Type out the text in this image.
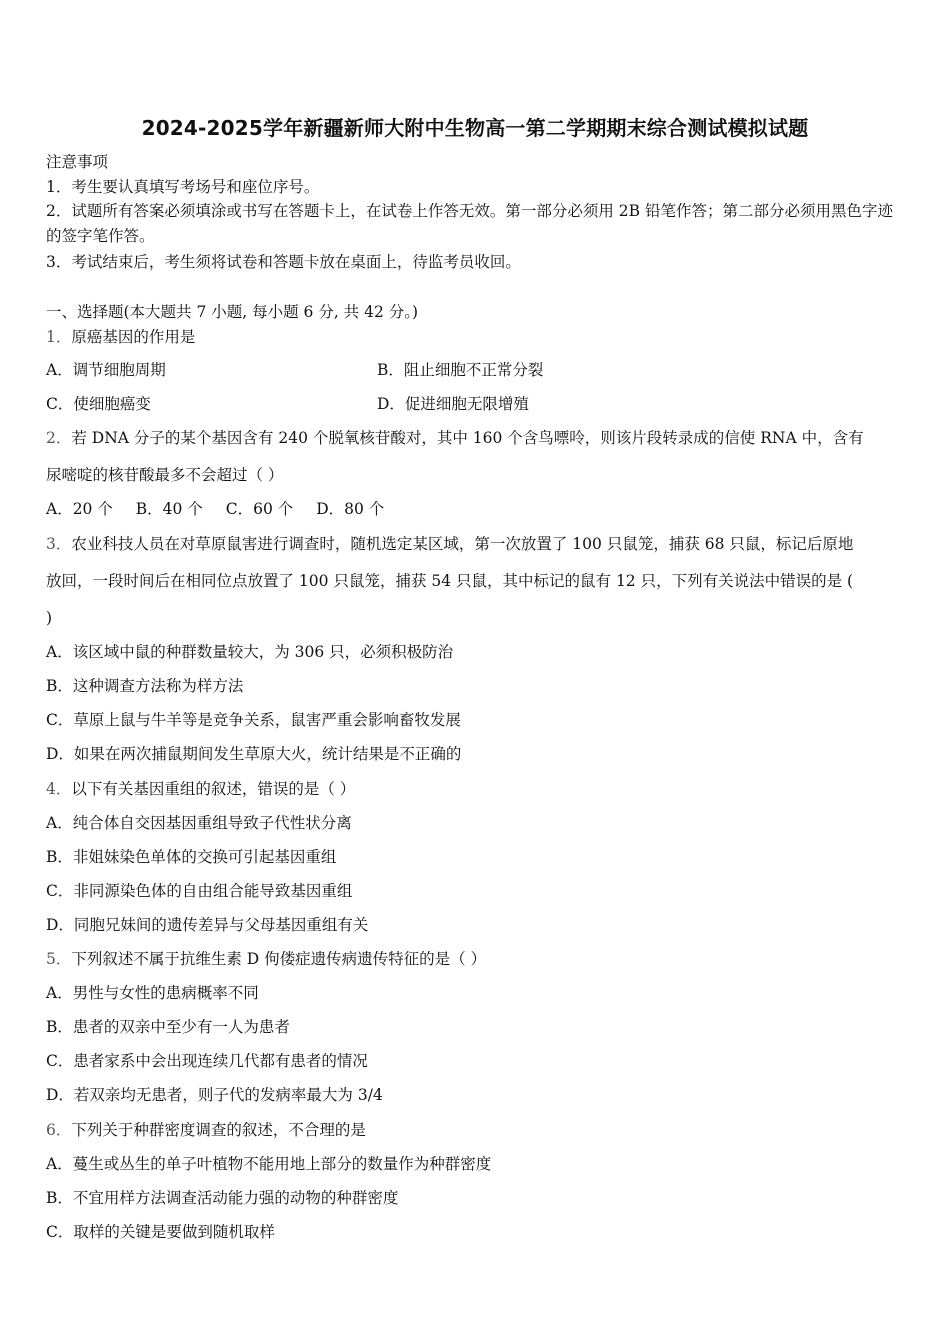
2024-2025学年新疆新师大附中生物高一第二学期期末综合测试模拟试题
注意事项
1．考生要认真填写考场号和座位序号。
2．试题所有答案必须填涂或书写在答题卡上，在试卷上作答无效。第一部分必须用 2B 铅笔作答；第二部分必须用黑色字迹的签字笔作答。
3．考试结束后，考生须将试卷和答题卡放在桌面上，待监考员收回。
一、选择题(本大题共 7 小题, 每小题 6 分, 共 42 分。)
1．原癌基因的作用是
A．调节细胞周期	B．阻止细胞不正常分裂
C．使细胞癌变	D．促进细胞无限增殖
2．若 DNA 分子的某个基因含有 240 个脱氧核苷酸对，其中 160 个含鸟嘌呤，则该片段转录成的信使 RNA 中，含有
尿嘧啶的核苷酸最多不会超过（ ）
A．20 个 B．40 个 C．60 个 D．80 个
3．农业科技人员在对草原鼠害进行调查时，随机选定某区域，第一次放置了 100 只鼠笼，捕获 68 只鼠，标记后原地
放回，一段时间后在相同位点放置了 100 只鼠笼，捕获 54 只鼠，其中标记的鼠有 12 只，下列有关说法中错误的是 (
)
A．该区域中鼠的种群数量较大，为 306 只，必须积极防治
B．这种调查方法称为样方法
C．草原上鼠与牛羊等是竞争关系，鼠害严重会影响畜牧发展
D．如果在两次捕鼠期间发生草原大火，统计结果是不正确的
4．以下有关基因重组的叙述，错误的是（ ）
A．纯合体自交因基因重组导致子代性状分离
B．非姐妹染色单体的交换可引起基因重组
C．非同源染色体的自由组合能导致基因重组
D．同胞兄妹间的遗传差异与父母基因重组有关
5．下列叙述不属于抗维生素 D 佝偻症遗传病遗传特征的是（ ）
A．男性与女性的患病概率不同
B．患者的双亲中至少有一人为患者
C．患者家系中会出现连续几代都有患者的情况
D．若双亲均无患者，则子代的发病率最大为 3/4
6．下列关于种群密度调查的叙述，不合理的是
A．蔓生或丛生的单子叶植物不能用地上部分的数量作为种群密度
B．不宜用样方法调查活动能力强的动物的种群密度
C．取样的关键是要做到随机取样
